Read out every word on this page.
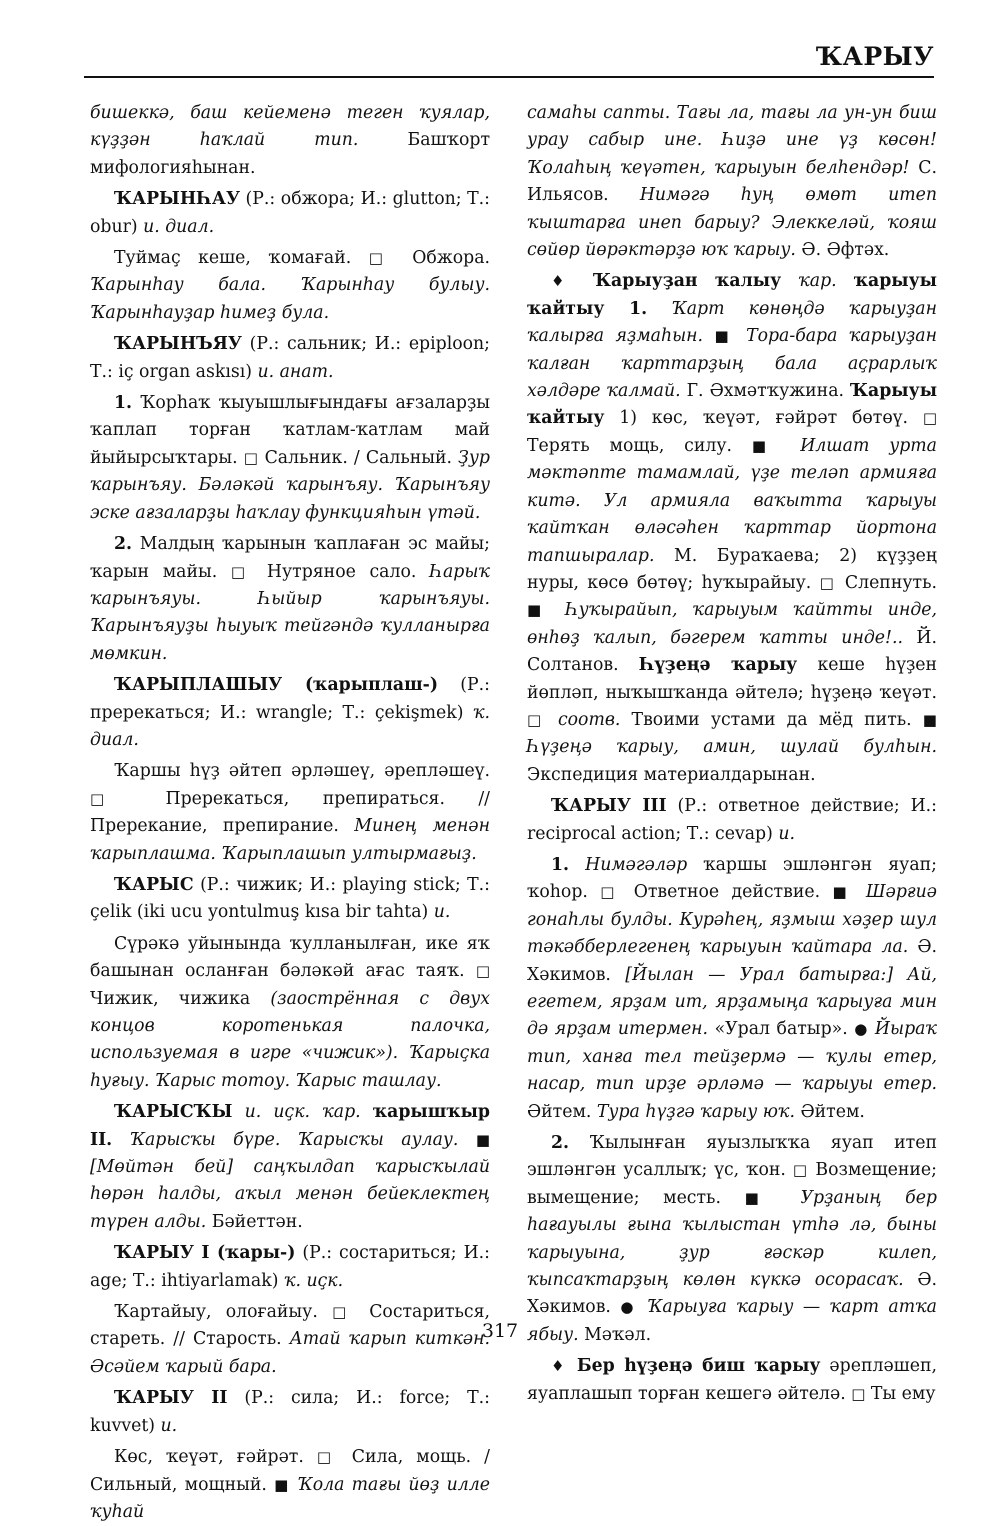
ҠАРЫУ

бишеккә, баш кейеменә теген ҡуялар, күҙҙән һаҡлай тип. Башҡорт мифологияһынан.

ҠАРЫНҺАУ (Р.: обжора; И.: glutton; Т.: obur) и. диал.

Туймаҫ кеше, ҡомағай. □ Обжора. Ҡарынһау бала. Ҡарынһау булыу. Ҡарынһауҙар һимеҙ була.

ҠАРЫНЪЯУ (Р.: сальник; И.: epiploon; Т.: iç organ askısı) и. анат.

1. Ҡорһаҡ ҡыуышлығындағы ағзаларҙы ҡаплап торған ҡатлам-ҡатлам май йыйырсыҡтары. □ Сальник. / Сальный. Ҙур ҡарынъяу. Бәләкәй ҡарынъяу. Ҡарынъяу эске ағзаларҙы һаҡлау функцияһын үтәй.

2. Малдың ҡарынын ҡаплаған эс майы; ҡарын майы. □ Нутряное сало. Һарыҡ ҡарынъяуы. Һыйыр ҡарынъяуы. Ҡарынъяуҙы һыуыҡ тейгәндә ҡулланырға мөмкин.

ҠАРЫПЛАШЫУ (ҡарыплаш-) (Р.: пререкаться; И.: wrangle; Т.: çekişmek) ҡ. диал.

Ҡаршы һүҙ әйтеп әрләшеү, әрепләшеү. □ Пререкаться, препираться. // Пререкание, препирание. Минең менән ҡарыплашма. Ҡарыплашып ултырмағыҙ.

ҠАРЫС (Р.: чижик; И.: playing stick; Т.: çelik (iki ucu yontulmuş kısa bir tahta) и.

Сүрәкә уйынында ҡулланылған, ике яҡ башынан осланған бәләкәй ағас таяҡ. □ Чижик, чижика (заострённая с двух концов коротенькая палочка, используемая в игре «чижик»). Ҡарыҫка һуғыу. Ҡарыс тотоу. Ҡарыс ташлау.

ҠАРЫСҠЫ и. иҫк. ҡар. ҡарышҡыр II. Ҡарысҡы бүре. Ҡарысҡы аулау. ■ [Мөйтән бей] саңҡылдап ҡарысҡылай һөрән һалды, аҡыл менән бейеклектең түрен алды. Бәйеттән.

ҠАРЫУ I (ҡары-) (Р.: состариться; И.: age; Т.: ihtiyarlamak) ҡ. иҫк.

Ҡартайыу, олоғайыу. □ Состариться, стареть. // Старость. Атай ҡарып киткән. Әсәйем ҡарый бара.

ҠАРЫУ II (Р.: сила; И.: force; Т.: kuvvet) и.

Көс, ҡеүәт, ғәйрәт. □ Сила, мощь. / Сильный, мощный. ■ Ҡола тағы йөҙ илле ҡуһай

самаһы сапты. Тағы ла, тағы ла ун-ун биш урау сабыр ине. Һиҙә ине үҙ көсөн! Ҡолаһың ҡеүәтен, ҡарыуын белһендәр! С. Ильясов. Нимәгә һуң өмөт итеп ҡыштарға инеп барыу? Элеккеләй, ҡояш сөйөр йөрәктәрҙә юҡ ҡарыу. Ә. Әфтәх.

♦ Ҡарыуҙан ҡалыу ҡар. ҡарыуы ҡайтыу 1. Ҡарт көнөңдә ҡарыуҙан ҡалырға яҙмаһын. ■ Тора-бара ҡарыуҙан ҡалған ҡарттарҙың бала аҫрарлыҡ хәлдәре ҡалмай. Г. Әхмәтҡужина. Ҡарыуы ҡайтыу 1) көс, ҡеүәт, ғәйрәт бөтөү. □ Терять мощь, силу. ■ Илшат урта мәктәпте тамамлай, үҙе теләп армияға китә. Ул армияла ваҡытта ҡарыуы ҡайтҡан өләсәһен ҡарттар йортона тапшыралар. М. Бураҡаева; 2) күҙҙең нуры, көсө бөтөү; һуҡырайыу. □ Слепнуть. ■ Һуҡырайып, ҡарыуым ҡайтты инде, өнһөҙ ҡалып, бәгерем ҡатты инде!.. Й. Солтанов. Һүҙеңә ҡарыу кеше һүҙен йөпләп, ныҡышҡанда әйтелә; һүҙеңә ҡеүәт. □ соотв. Твоими устами да мёд пить. ■ Һүҙеңә ҡарыу, амин, шулай булһын. Экспедиция материалдарынан.

ҠАРЫУ III (Р.: ответное действие; И.: reciprocal action; Т.: cevap) и.

1. Нимәгәләр ҡаршы эшләнгән яуап; ҡоһор. □ Ответное действие. ■ Шәрғиә гонаһлы булды. Курәһең, яҙмыш хәҙер шул тәкәбберлегенең ҡарыуын ҡайтара ла. Ә. Хәкимов. [Йылан — Урал батырға:] Ай, егетем, ярҙам ит, ярҙамыңа ҡарыуға мин дә ярҙам итермен. «Урал батыр». ● Йыраҡ тип, ханға тел тейҙермә — ҡулы етер, насар, тип ирҙе әрләмә — ҡарыуы етер. Әйтем. Тура һүҙгә ҡарыу юҡ. Әйтем.

2. Ҡылынған яуызлыҡҡа яуап итеп эшләнгән усаллыҡ; үс, ҡон. □ Возмещение; вымещение; месть. ■ Урҙаның бер һағауылы ғына ҡылыстан үтһә лә, быны ҡарыуына, ҙур ғәскәр килеп, ҡыпсаҡтарҙың көлөн күккә осорасаҡ. Ә. Хәкимов. ● Ҡарыуға ҡарыу — ҡарт атҡа ябыу. Мәҡәл.

♦ Бер һүҙеңә биш ҡарыу әрепләшеп, яуаплашып торған кешегә әйтелә. □ Ты ему

317
